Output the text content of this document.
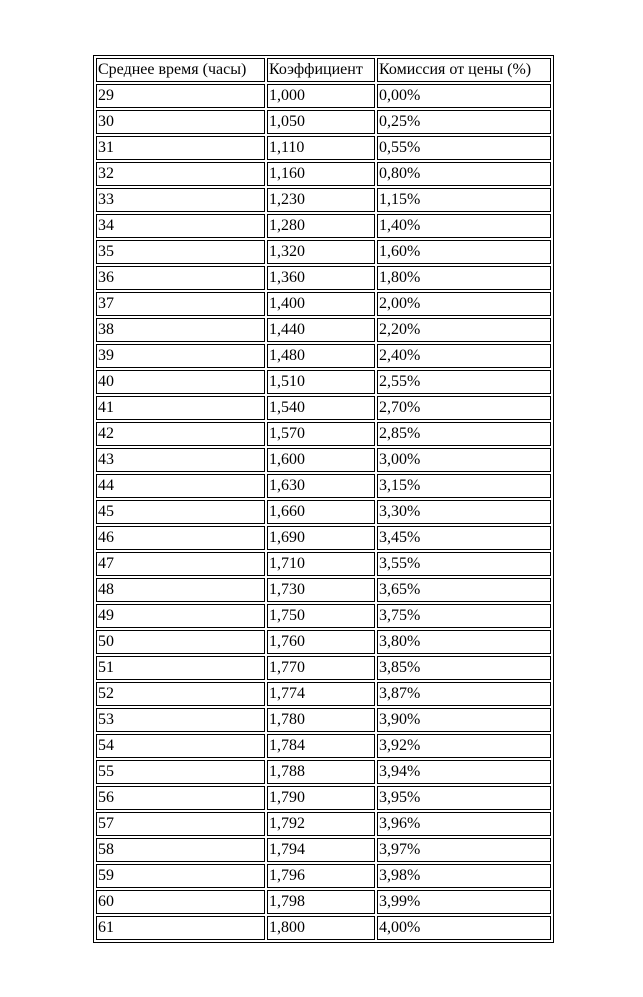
Среднее время (часы)	Коэффициент	Комиссия от цены (%)
29	1,000	0,00%
30	1,050	0,25%
31	1,110	0,55%
32	1,160	0,80%
33	1,230	1,15%
34	1,280	1,40%
35	1,320	1,60%
36	1,360	1,80%
37	1,400	2,00%
38	1,440	2,20%
39	1,480	2,40%
40	1,510	2,55%
41	1,540	2,70%
42	1,570	2,85%
43	1,600	3,00%
44	1,630	3,15%
45	1,660	3,30%
46	1,690	3,45%
47	1,710	3,55%
48	1,730	3,65%
49	1,750	3,75%
50	1,760	3,80%
51	1,770	3,85%
52	1,774	3,87%
53	1,780	3,90%
54	1,784	3,92%
55	1,788	3,94%
56	1,790	3,95%
57	1,792	3,96%
58	1,794	3,97%
59	1,796	3,98%
60	1,798	3,99%
61	1,800	4,00%
